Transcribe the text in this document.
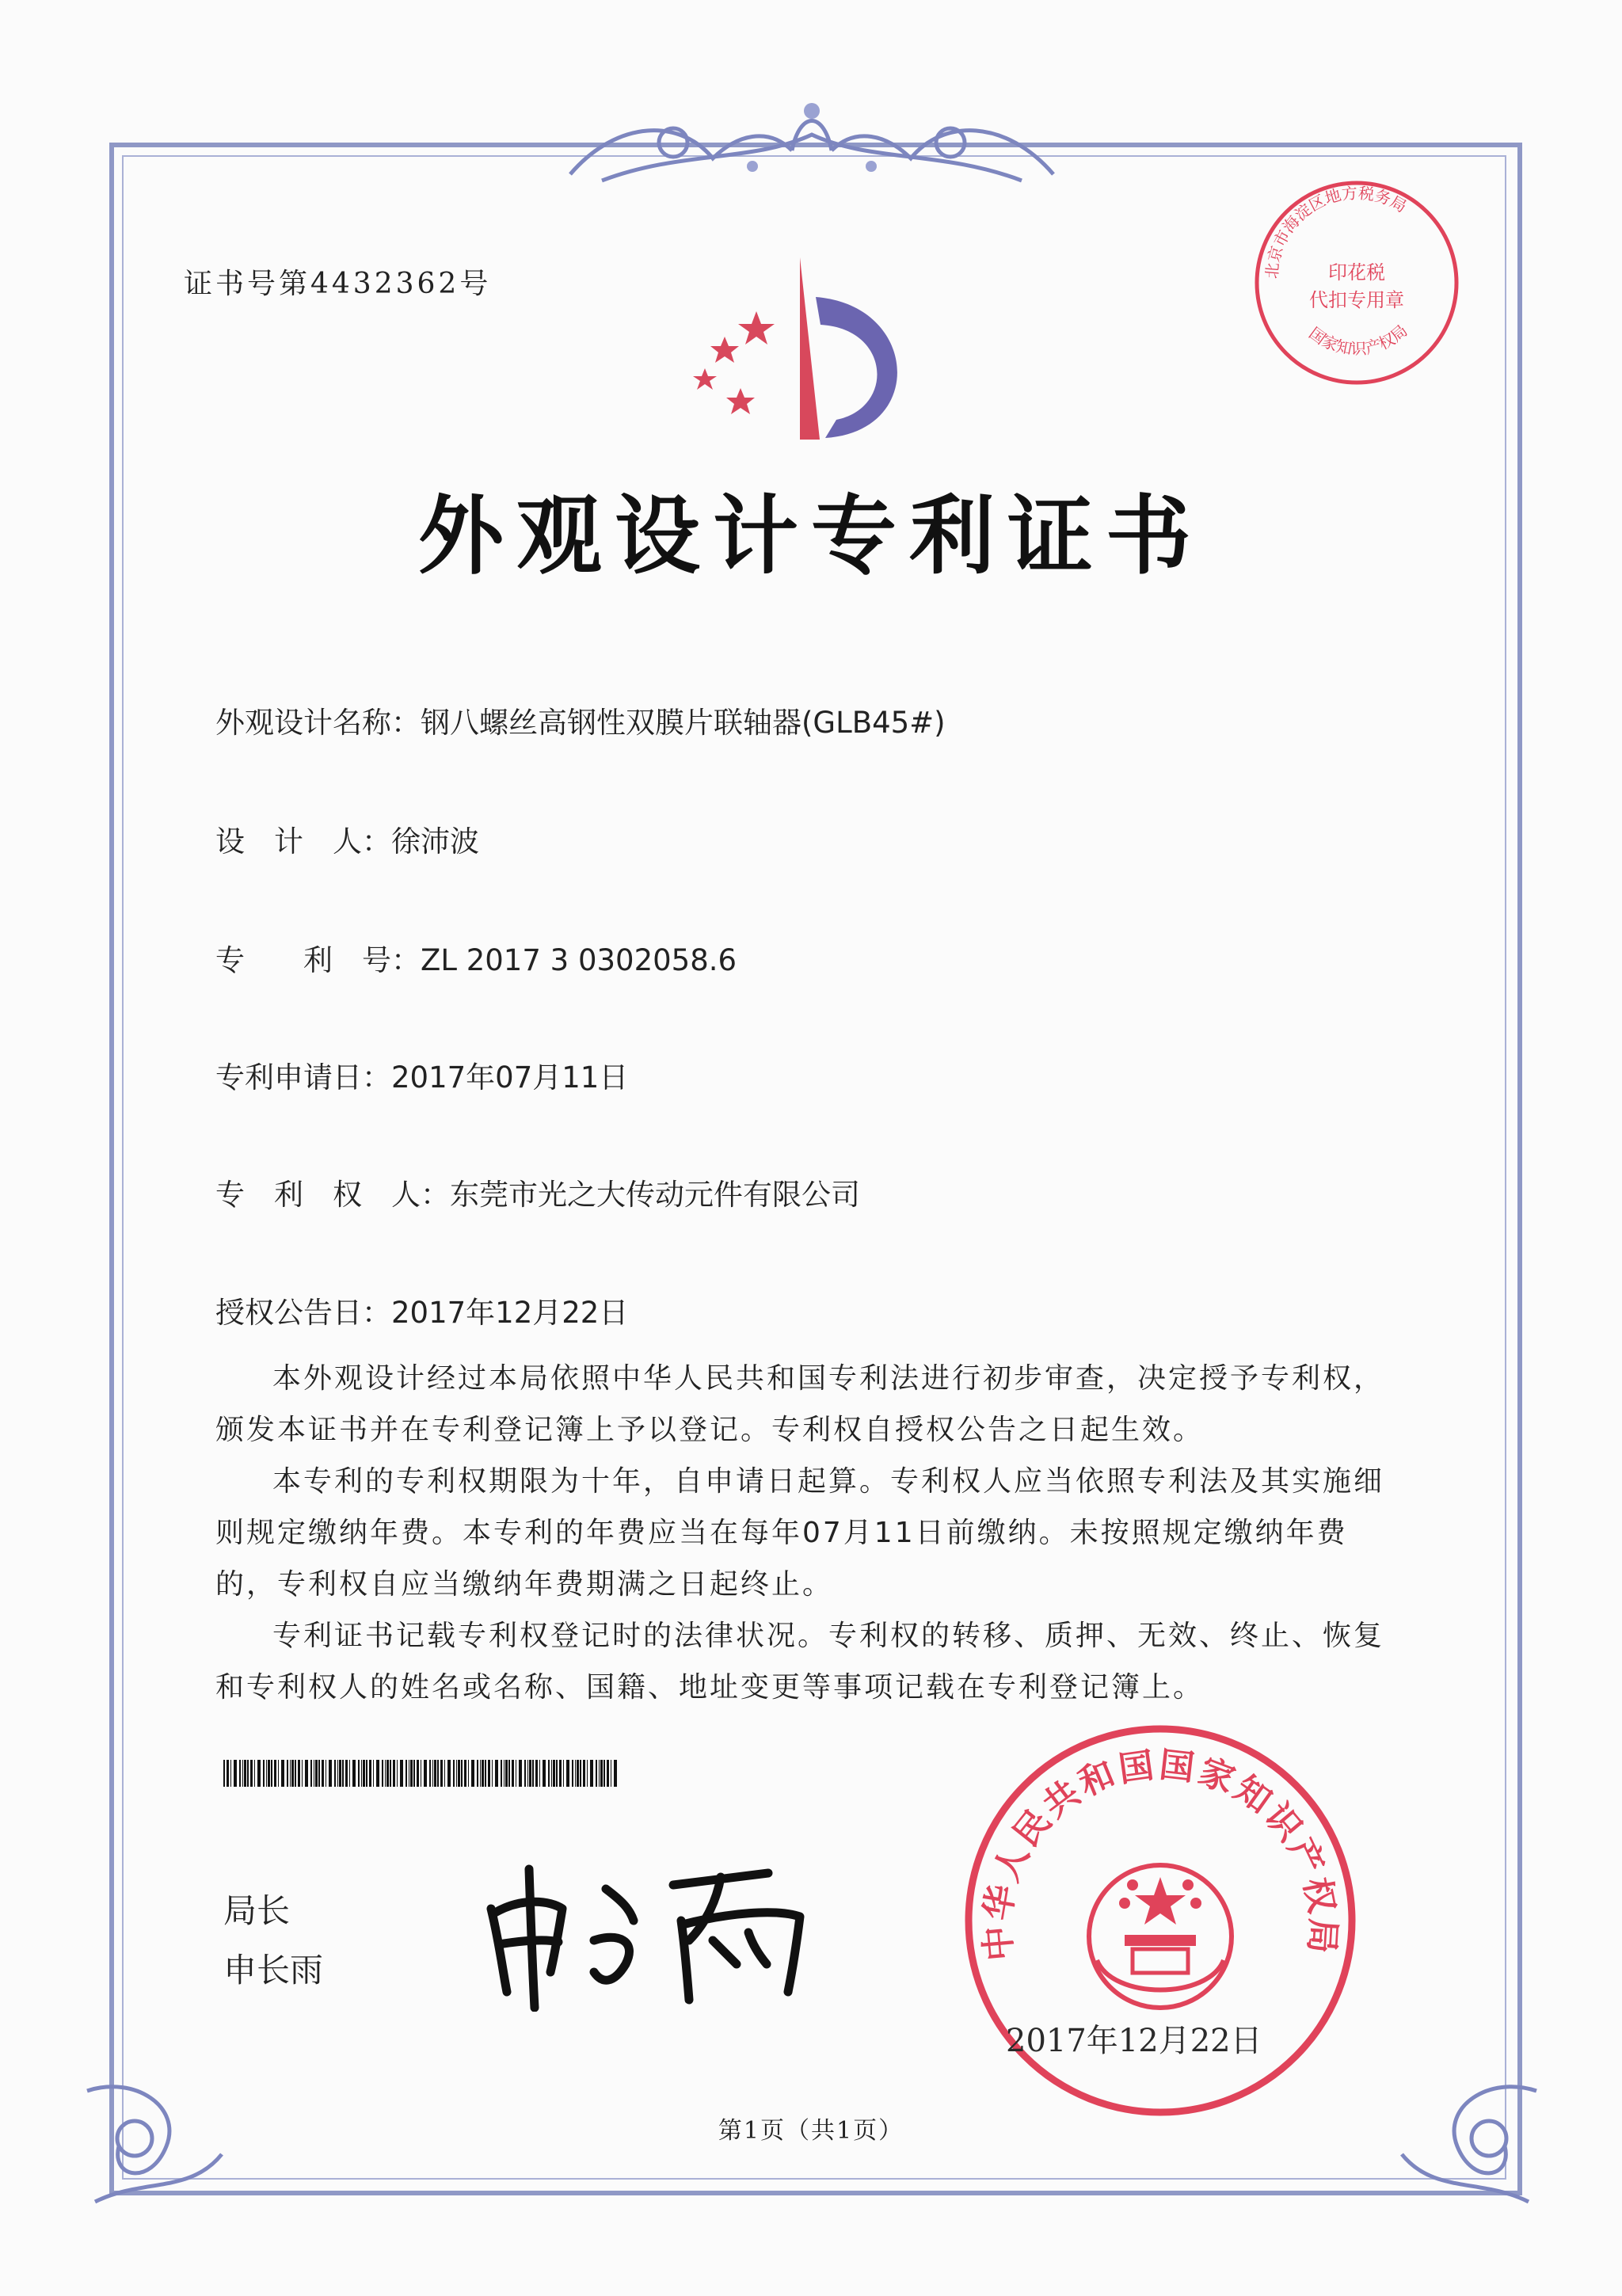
证书号第4432362号	北京市海淀区地方税务局
国家知识产权局
印花税
代扣专用章
外观设计专利证书
外观设计名称：钢八螺丝高钢性双膜片联轴器(GLB45#)
设　计　人：徐沛波
专　　利　号：ZL 2017 3 0302058.6
专利申请日：2017年07月11日
专　利　权　人：东莞市光之大传动元件有限公司
授权公告日：2017年12月22日

本外观设计经过本局依照中华人民共和国专利法进行初步审查，决定授予专利权，颁发本证书并在专利登记簿上予以登记。专利权自授权公告之日起生效。

本专利的专利权期限为十年，自申请日起算。专利权人应当依照专利法及其实施细则规定缴纳年费。本专利的年费应当在每年07月11日前缴纳。未按照规定缴纳年费的，专利权自应当缴纳年费期满之日起终止。

专利证书记载专利权登记时的法律状况。专利权的转移、质押、无效、终止、恢复和专利权人的姓名或名称、国籍、地址变更等事项记载在专利登记簿上。

局长
申长雨
中华人民共和国国家知识产权局
2017年12月22日
第1页（共1页）
